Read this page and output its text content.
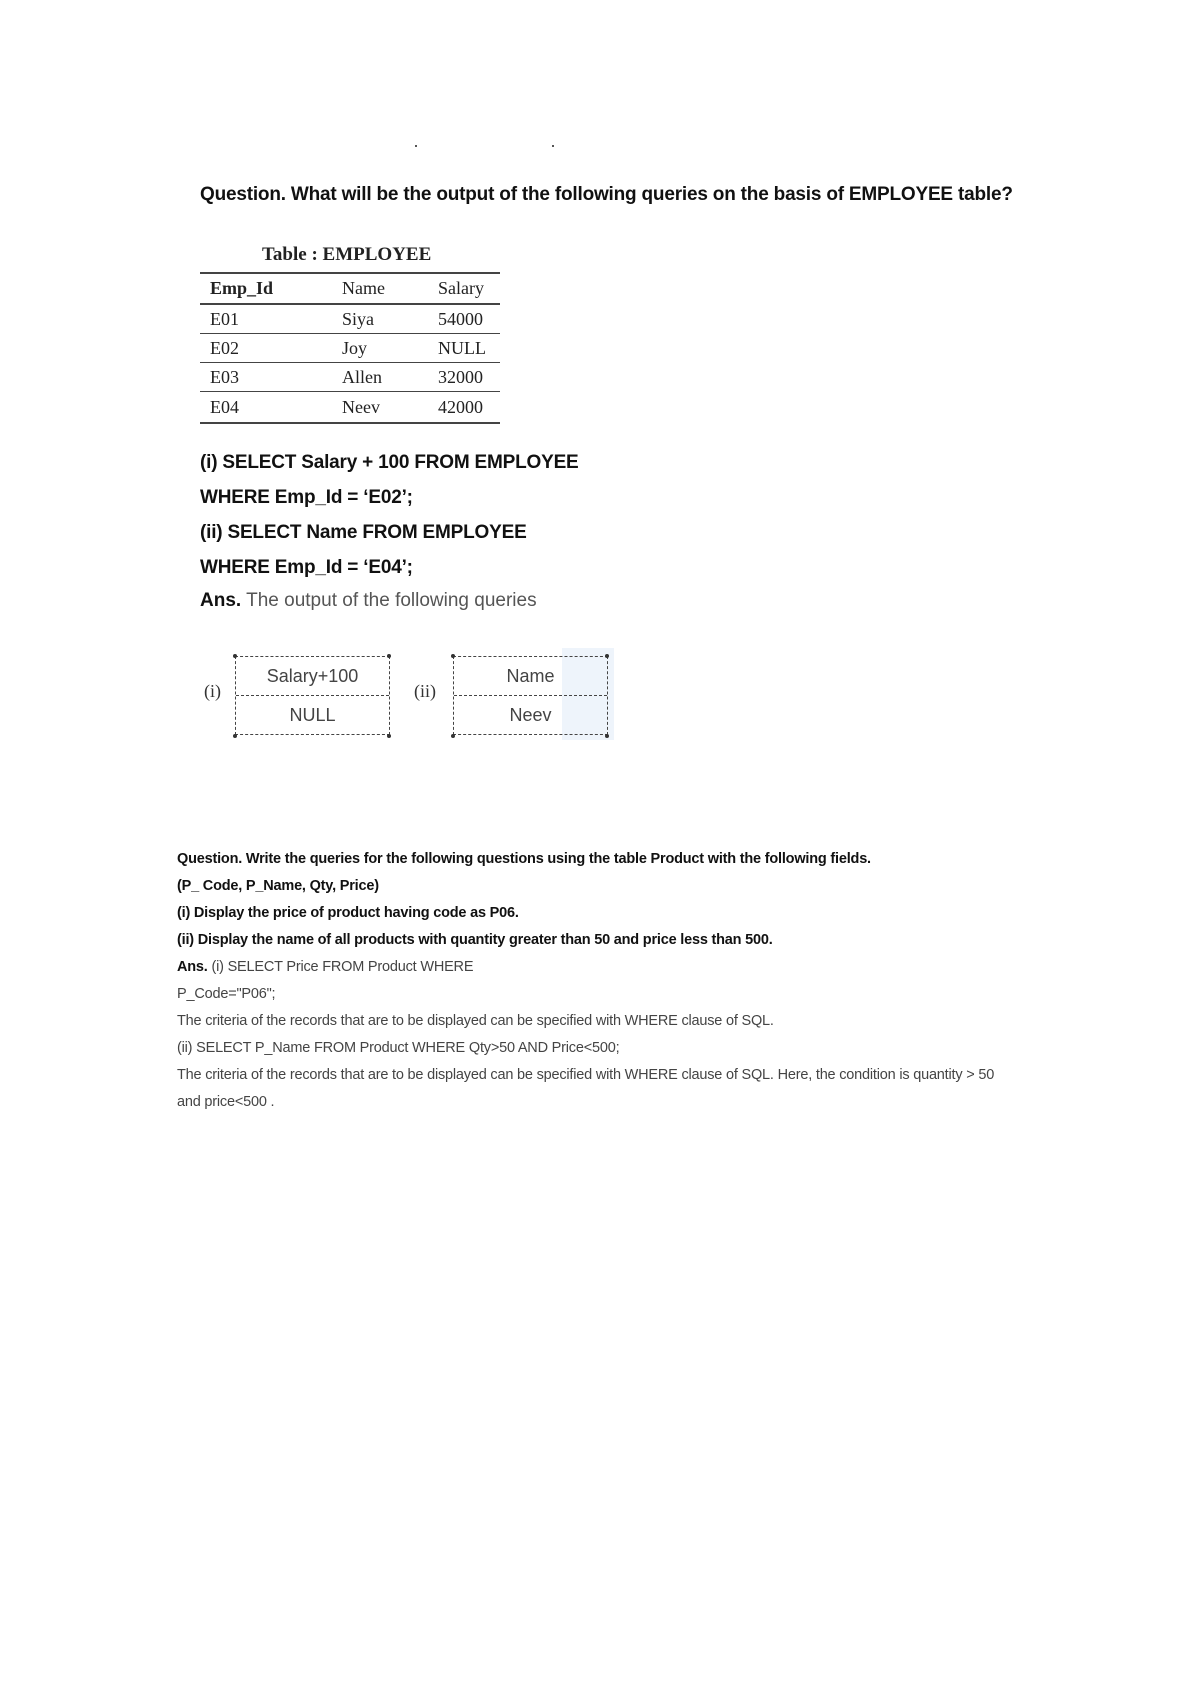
Question. What will be the output of the following queries on the basis of EMPLOYEE table?
Table : EMPLOYEE
Emp_Id	Name	Salary
E01	Siya	54000
E02	Joy	NULL
E03	Allen	32000
E04	Neev	42000
(i) SELECT Salary + 100 FROM EMPLOYEE
WHERE Emp_Id = ‘E02’;
(ii) SELECT Name FROM EMPLOYEE
WHERE Emp_Id = ‘E04’;
Ans. The output of the following queries
(i)
Salary+100
NULL
(ii)
Name
Neev
Question. Write the queries for the following questions using the table Product with the following fields.
(P_ Code, P_Name, Qty, Price)
(i) Display the price of product having code as P06.
(ii) Display the name of all products with quantity greater than 50 and price less than 500.
Ans. (i) SELECT Price FROM Product WHERE
P_Code="P06";
The criteria of the records that are to be displayed can be specified with WHERE clause of SQL.
(ii) SELECT P_Name FROM Product WHERE Qty>50 AND Price<500;
The criteria of the records that are to be displayed can be specified with WHERE clause of SQL. Here, the condition is quantity > 50
and price<500 .
